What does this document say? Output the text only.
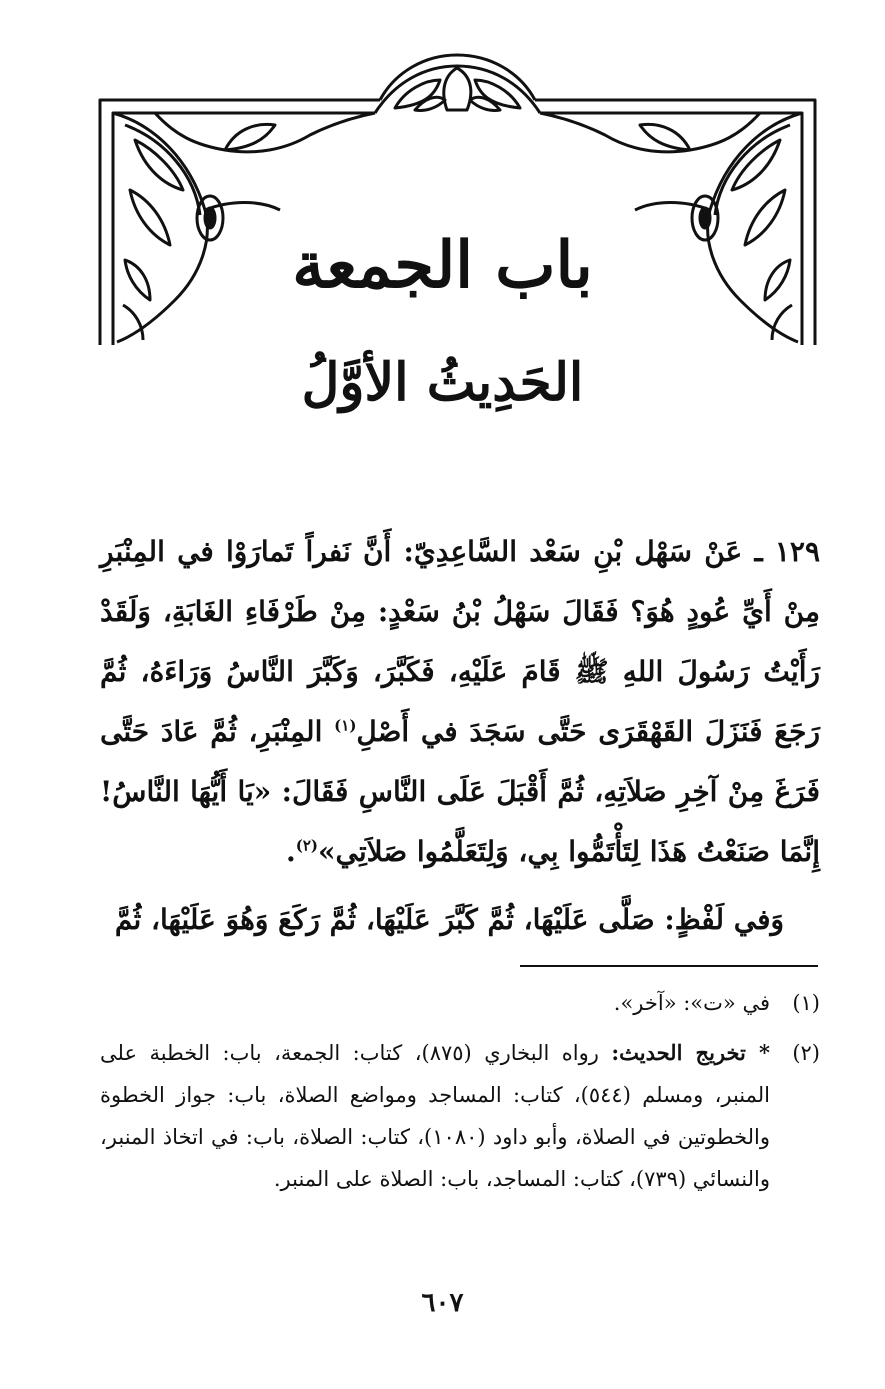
باب الجمعة
الحَدِيثُ الأوَّلُ

١٢٩ ـ عَنْ سَهْل بْنِ سَعْد السَّاعِدِيّ: أَنَّ نَفراً تَمارَوْا في المِنْبَرِ مِنْ أَيِّ عُودٍ هُوَ؟ فَقَالَ سَهْلُ بْنُ سَعْدٍ: مِنْ طَرْفَاءِ الغَابَةِ، وَلَقَدْ رَأَيْتُ رَسُولَ اللهِ ﷺ قَامَ عَلَيْهِ، فَكَبَّرَ، وَكَبَّرَ النَّاسُ وَرَاءَهُ، ثُمَّ رَجَعَ فَنَزَلَ القَهْقَرَى حَتَّى سَجَدَ في أَصْلِ$^{(١)}$ المِنْبَرِ، ثُمَّ عَادَ حَتَّى فَرَغَ مِنْ آخِرِ صَلاَتِهِ، ثُمَّ أَقْبَلَ عَلَى النَّاسِ فَقَالَ: «يَا أَيُّهَا النَّاسُ! إِنَّمَا صَنَعْتُ هَذَا لِتَأْتَمُّوا بِي، وَلِتَعَلَّمُوا صَلاَتِي»$^{(٢)}$.

وَفي لَفْظٍ: صَلَّى عَلَيْهَا، ثُمَّ كَبَّرَ عَلَيْهَا، ثُمَّ رَكَعَ وَهُوَ عَلَيْهَا، ثُمَّ

(١)
في «ت»: «آخر».
(٢)
* تخريج الحديث: رواه البخاري (٨٧٥)، كتاب: الجمعة، باب: الخطبة على المنبر، ومسلم (٥٤٤)، كتاب: المساجد ومواضع الصلاة، باب: جواز الخطوة والخطوتين في الصلاة، وأبو داود (١٠٨٠)، كتاب: الصلاة، باب: في اتخاذ المنبر، والنسائي (٧٣٩)، كتاب: المساجد، باب: الصلاة على المنبر.
٦٠٧
